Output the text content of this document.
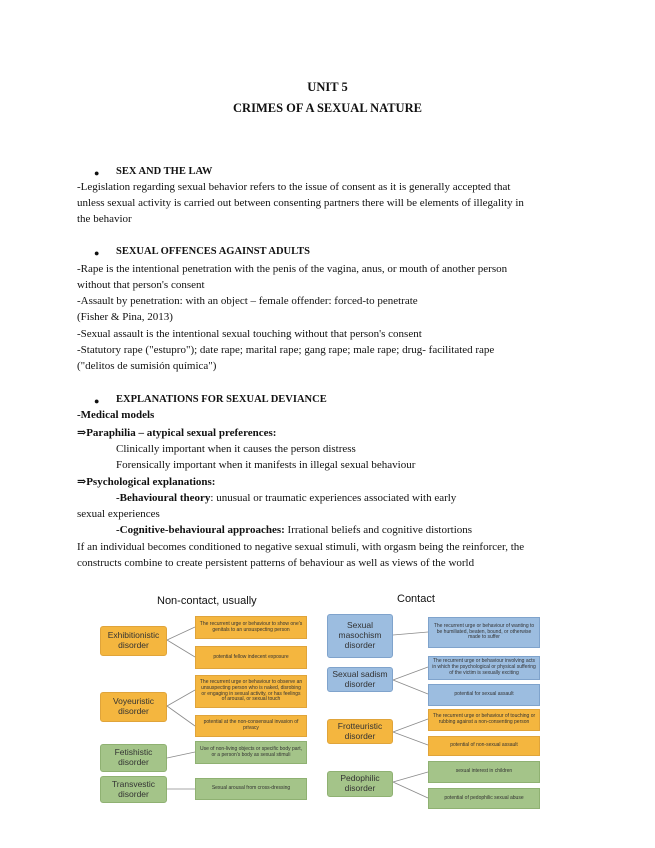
UNIT 5
CRIMES OF A SEXUAL NATURE
● SEX AND THE LAW
-Legislation regarding sexual behavior refers to the issue of consent as it is generally accepted that
unless sexual activity is carried out between consenting partners there will be elements of illegality in
the behavior
● SEXUAL OFFENCES AGAINST ADULTS
-Rape is the intentional penetration with the penis of the vagina, anus, or mouth of another person
without that person's consent
-Assault by penetration: with an object – female offender: forced-to penetrate
(Fisher & Pina, 2013)
-Sexual assault is the intentional sexual touching without that person's consent
-Statutory rape ("estupro"); date rape; marital rape; gang rape; male rape; drug- facilitated rape
("delitos de sumisión química")
● EXPLANATIONS FOR SEXUAL DEVIANCE
-Medical models
⇒Paraphilia – atypical sexual preferences:
Clinically important when it causes the person distress
Forensically important when it manifests in illegal sexual behaviour
⇒Psychological explanations:
-Behavioural theory: unusual or traumatic experiences associated with early
sexual experiences
-Cognitive-behavioural approaches: Irrational beliefs and cognitive distortions
If an individual becomes conditioned to negative sexual stimuli, with orgasm being the reinforcer, the
constructs combine to create persistent patterns of behaviour as well as views of the world
Non-contact, usually	Contact
Exhibitionistic disorder
The recurrent urge or behaviour to show one's genitals to an unsuspecting person
potential fellow indecent exposure
Voyeuristic disorder
The recurrent urge or behaviour to observe an unsuspecting person who is naked, disrobing or engaging in sexual activity, or has feelings of arousal, or sexual touch
potential at the non-consensual invasion of privacy
Fetishistic disorder
Use of non-living objects or specific body part, or a person's body as sexual stimuli
Transvestic disorder
Sexual arousal from cross-dressing
Sexual masochism disorder
The recurrent urge or behaviour of wanting to be humiliated, beaten, bound, or otherwise made to suffer
Sexual sadism disorder
The recurrent urge or behaviour involving acts in which the psychological or physical suffering of the victim is sexually exciting
potential for sexual assault
Frotteuristic disorder
The recurrent urge or behaviour of touching or rubbing against a non-consenting person
potential of non-sexual assault
Pedophilic disorder
sexual interest in children
potential of pedophilic sexual abuse
